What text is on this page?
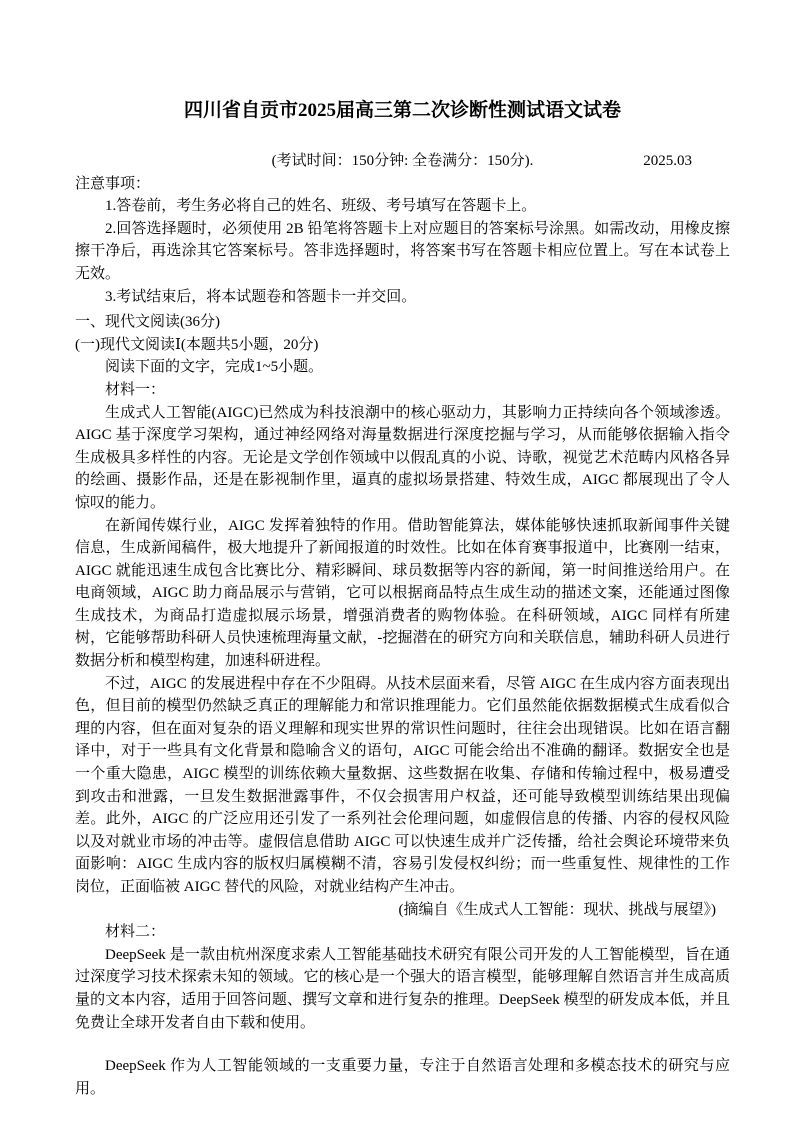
四川省自贡市2025届高三第二次诊断性测试语文试卷
(考试时间：150分钟: 全卷满分：150分).	2025.03

注意事项：

1.答卷前，考生务必将自己的姓名、班级、考号填写在答题卡上。

2.回答选择题时，必须使用 2B 铅笔将答题卡上对应题目的答案标号涂黑。如需改动，用橡皮擦擦干净后，再选涂其它答案标号。答非选择题时，将答案书写在答题卡相应位置上。写在本试卷上无效。

3.考试结束后，将本试题卷和答题卡一并交回。

一、现代文阅读(36分)

(一)现代文阅读Ⅰ(本题共5小题，20分)

阅读下面的文字，完成1~5小题。

材料一：

生成式人工智能(AIGC)已然成为科技浪潮中的核心驱动力，其影响力正持续向各个领域渗透。AIGC 基于深度学习架构，通过神经网络对海量数据进行深度挖掘与学习，从而能够依据输入指令生成极具多样性的内容。无论是文学创作领域中以假乱真的小说、诗歌，视觉艺术范畴内风格各异的绘画、摄影作品，还是在影视制作里，逼真的虚拟场景搭建、特效生成，AIGC 都展现出了令人惊叹的能力。

在新闻传媒行业，AIGC 发挥着独特的作用。借助智能算法，媒体能够快速抓取新闻事件关键信息，生成新闻稿件，极大地提升了新闻报道的时效性。比如在体育赛事报道中，比赛刚一结束，AIGC 就能迅速生成包含比赛比分、精彩瞬间、球员数据等内容的新闻，第一时间推送给用户。在电商领域，AIGC 助力商品展示与营销，它可以根据商品特点生成生动的描述文案，还能通过图像生成技术，为商品打造虚拟展示场景，增强消费者的购物体验。在科研领域，AIGC 同样有所建树，它能够帮助科研人员快速梳理海量文献，-挖掘潜在的研究方向和关联信息，辅助科研人员进行数据分析和模型构建，加速科研进程。

不过，AIGC 的发展进程中存在不少阻碍。从技术层面来看，尽管 AIGC 在生成内容方面表现出色，但目前的模型仍然缺乏真正的理解能力和常识推理能力。它们虽然能依据数据模式生成看似合理的内容，但在面对复杂的语义理解和现实世界的常识性问题时，往往会出现错误。比如在语言翻译中，对于一些具有文化背景和隐喻含义的语句，AIGC 可能会给出不准确的翻译。数据安全也是一个重大隐患，AIGC 模型的训练依赖大量数据、这些数据在收集、存储和传输过程中，极易遭受到攻击和泄露，一旦发生数据泄露事件，不仅会损害用户权益，还可能导致模型训练结果出现偏差。此外，AIGC 的广泛应用还引发了一系列社会伦理问题，如虚假信息的传播、内容的侵权风险以及对就业市场的冲击等。虚假信息借助 AIGC 可以快速生成并广泛传播，给社会舆论环境带来负面影响：AIGC 生成内容的版权归属模糊不清，容易引发侵权纠纷；而一些重复性、规律性的工作岗位，正面临被 AIGC 替代的风险，对就业结构产生冲击。

(摘编自《生成式人工智能：现状、挑战与展望》)

材料二：

DeepSeek 是一款由杭州深度求索人工智能基础技术研究有限公司开发的人工智能模型，旨在通过深度学习技术探索未知的领域。它的核心是一个强大的语言模型，能够理解自然语言并生成高质量的文本内容，适用于回答问题、撰写文章和进行复杂的推理。DeepSeek 模型的研发成本低，并且免费让全球开发者自由下载和使用。

DeepSeek 作为人工智能领域的一支重要力量，专注于自然语言处理和多模态技术的研究与应用。
